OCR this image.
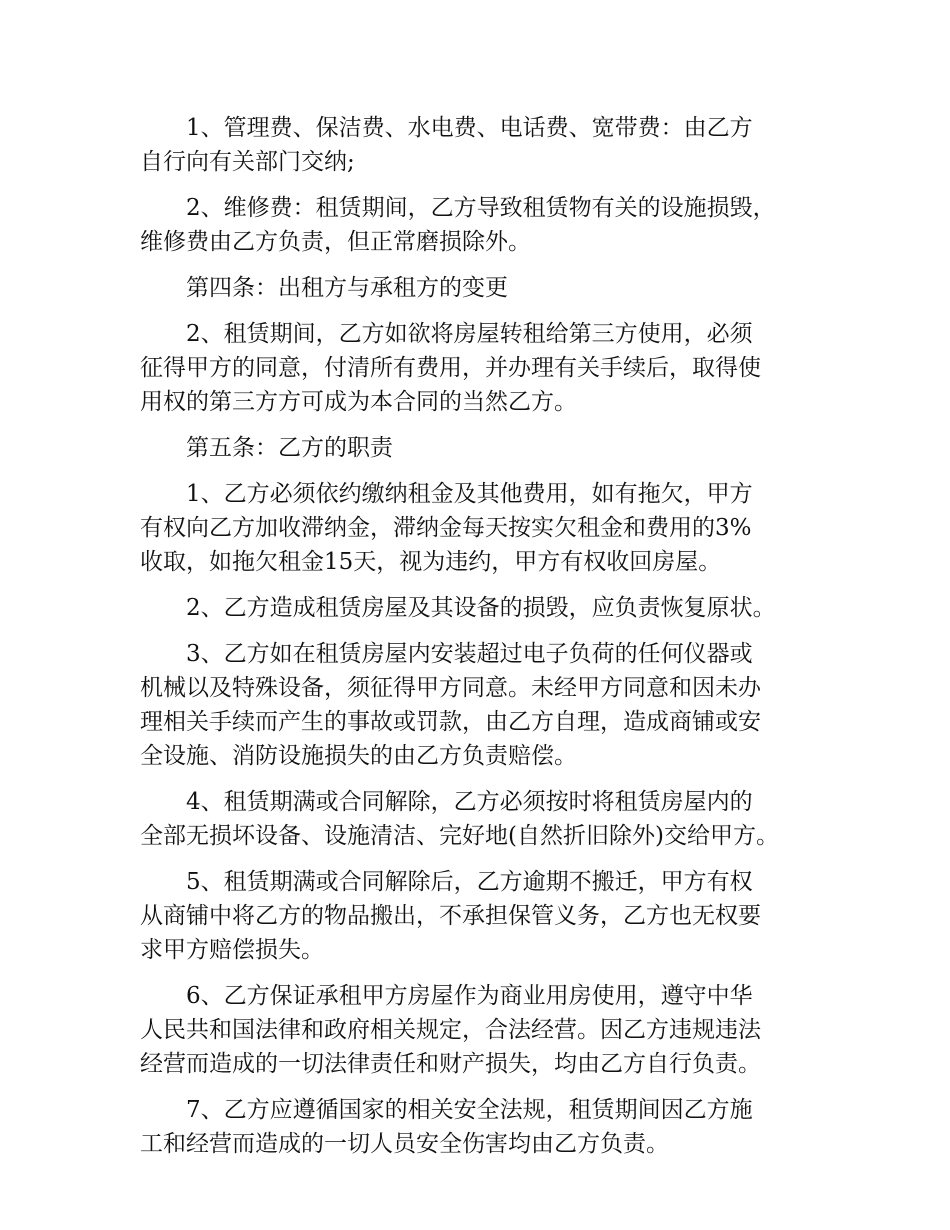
1、管理费、保洁费、水电费、电话费、宽带费：由乙方
自行向有关部门交纳;

2、维修费：租赁期间，乙方导致租赁物有关的设施损毁，
维修费由乙方负责，但正常磨损除外。

第四条：出租方与承租方的变更

2、租赁期间，乙方如欲将房屋转租给第三方使用，必须
征得甲方的同意，付清所有费用，并办理有关手续后，取得使
用权的第三方方可成为本合同的当然乙方。

第五条：乙方的职责

1、乙方必须依约缴纳租金及其他费用，如有拖欠，甲方
有权向乙方加收滞纳金，滞纳金每天按实欠租金和费用的3%
收取，如拖欠租金15天，视为违约，甲方有权收回房屋。

2、乙方造成租赁房屋及其设备的损毁，应负责恢复原状。

3、乙方如在租赁房屋内安装超过电子负荷的任何仪器或
机械以及特殊设备，须征得甲方同意。未经甲方同意和因未办
理相关手续而产生的事故或罚款，由乙方自理，造成商铺或安
全设施、消防设施损失的由乙方负责赔偿。

4、租赁期满或合同解除，乙方必须按时将租赁房屋内的
全部无损坏设备、设施清洁、完好地(自然折旧除外)交给甲方。

5、租赁期满或合同解除后，乙方逾期不搬迁，甲方有权
从商铺中将乙方的物品搬出，不承担保管义务，乙方也无权要
求甲方赔偿损失。

6、乙方保证承租甲方房屋作为商业用房使用，遵守中华
人民共和国法律和政府相关规定，合法经营。因乙方违规违法
经营而造成的一切法律责任和财产损失，均由乙方自行负责。

7、乙方应遵循国家的相关安全法规，租赁期间因乙方施
工和经营而造成的一切人员安全伤害均由乙方负责。
